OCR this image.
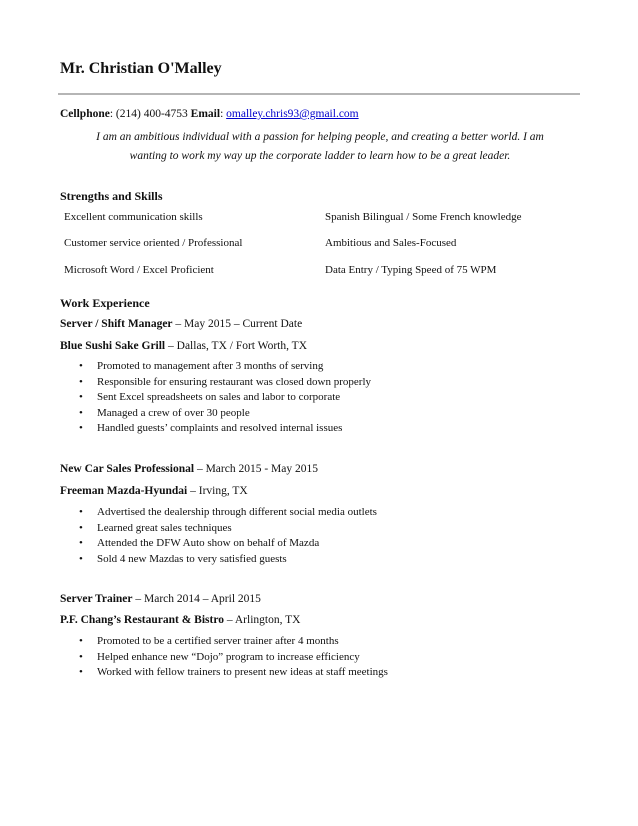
Mr. Christian O'Malley
Cellphone: (214) 400-4753 Email: omalley.chris93@gmail.com
I am an ambitious individual with a passion for helping people, and creating a better world. I am
wanting to work my way up the corporate ladder to learn how to be a great leader.
Strengths and Skills
Excellent communication skills	Spanish Bilingual / Some French knowledge
Customer service oriented / Professional	Ambitious and Sales-Focused
Microsoft Word / Excel Proficient	Data Entry / Typing Speed of 75 WPM
Work Experience
Server / Shift Manager – May 2015 – Current Date
Blue Sushi Sake Grill – Dallas, TX / Fort Worth, TX
• Promoted to management after 3 months of serving
• Responsible for ensuring restaurant was closed down properly
• Sent Excel spreadsheets on sales and labor to corporate
• Managed a crew of over 30 people
• Handled guests’ complaints and resolved internal issues
New Car Sales Professional – March 2015 - May 2015
Freeman Mazda-Hyundai – Irving, TX
• Advertised the dealership through different social media outlets
• Learned great sales techniques
• Attended the DFW Auto show on behalf of Mazda
• Sold 4 new Mazdas to very satisfied guests
Server Trainer – March 2014 – April 2015
P.F. Chang’s Restaurant & Bistro – Arlington, TX
• Promoted to be a certified server trainer after 4 months
• Helped enhance new “Dojo” program to increase efficiency
• Worked with fellow trainers to present new ideas at staff meetings
